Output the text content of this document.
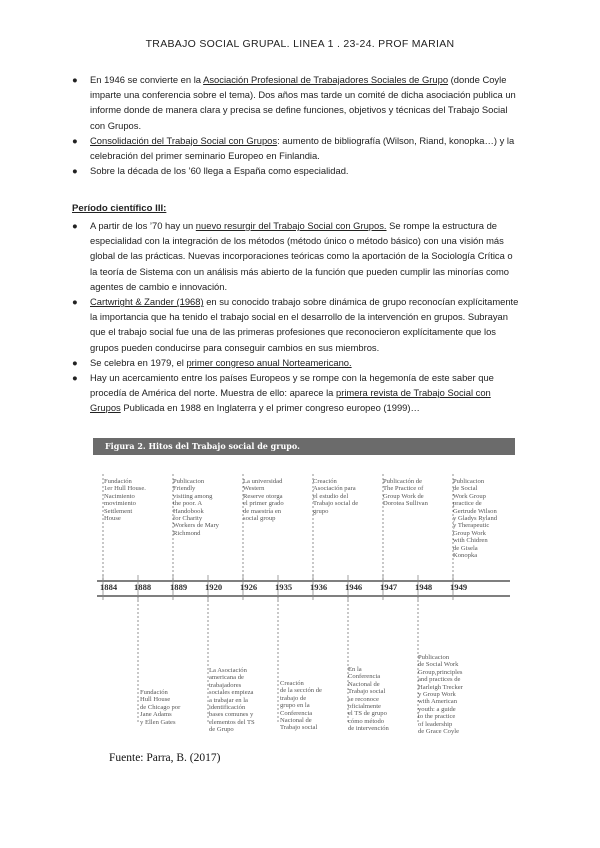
TRABAJO SOCIAL GRUPAL. LINEA 1 . 23-24. PROF MARIAN
● En 1946 se convierte en la Asociación Profesional de Trabajadores Sociales de Grupo (donde Coyle imparte una conferencia sobre el tema). Dos años mas tarde un comité de dicha asociación publica un informe donde de manera clara y precisa se define funciones, objetivos y técnicas del Trabajo Social con Grupos.
● Consolidación del Trabajo Social con Grupos: aumento de bibliografía (Wilson, Riand, konopka…) y la celebración del primer seminario Europeo en Finlandia.
● Sobre la década de los ’60 llega a España como especialidad.
Período científico III:
● A partir de los ’70 hay un nuevo resurgir del Trabajo Social con Grupos. Se rompe la estructura de especialidad con la integración de los métodos (método único o método básico) con una visión más global de las prácticas. Nuevas incorporaciones teóricas como la aportación de la Sociología Crítica o la teoría de Sistema con un análisis más abierto de la función que pueden cumplir las minorías como agentes de cambio e innovación.
● Cartwright & Zander (1968) en su conocido trabajo sobre dinámica de grupo reconocían explícitamente la importancia que ha tenido el trabajo social en el desarrollo de la intervención en grupos. Subrayan que el trabajo social fue una de las primeras profesiones que reconocieron explícitamente que los grupos pueden conducirse para conseguir cambios en sus miembros.
● Se celebra en 1979, el primer congreso anual Norteamericano.
● Hay un acercamiento entre los países Europeos y se rompe con la hegemonía de este saber que procedía de América del norte. Muestra de ello: aparece la primera revista de Trabajo Social con Grupos Publicada en 1988 en Inglaterra y el primer congreso europeo (1999)…
Figura 2. Hitos del Trabajo social de grupo.
1884 1888 1889 1920 1926 1935 1936 1946 1947 1948 1949
Fundación
1er Hull House.
Nacimiento
movimiento
Settlement
House
Publicacion
Friendly
visiting among
the poor. A
Handobook
for Charity
Workers de Mary
Richmond
La universidad
Western
Reserve otorga
el primer grado
de maestría en
social group
Creación
Asociación para
el estudio del
Trabajo social de
grupo
Publicación de
The Practice of
Group Work de
Dorotea Sullivan
Publicacion
de Social
Work Group
practice de
Gertrude Wilson
y Gladys Ryland
y Therapeutic
Group Work
with Chidren
de Gisela
Konopka
Fundación
Hull House
de Chicago por
Jane Adams
y Ellen Gates
La Asociación
americana de
trabajadores
sociales empieza
a trabajar en la
identificación
bases comunes y
elementos del TS
de Grupo
Creación
de la sección de
trabajo de
grupo en la
Conferencia
Nacional de
Trabajo social
En la
Conferencia
Nacional de
Trabajo social
se reconoce
oficialmente
el TS de grupo
cómo método
de intervención
Publicacion
de Social Work
Group,principles
and practices de
Harleigh Trecker
y Group Work
with American
youth: a guide
to the practice
of leadership
de Grace Coyle
Fuente: Parra, B. (2017)
